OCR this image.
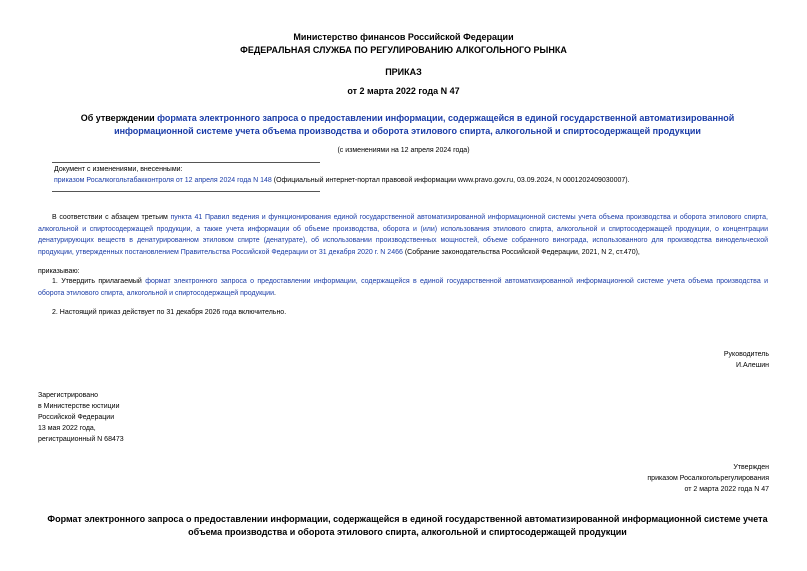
Министерство финансов Российской Федерации
ФЕДЕРАЛЬНАЯ СЛУЖБА ПО РЕГУЛИРОВАНИЮ АЛКОГОЛЬНОГО РЫНКА
ПРИКАЗ
от 2 марта 2022 года N 47
Об утверждении формата электронного запроса о предоставлении информации, содержащейся в единой государственной автоматизированной информационной системе учета объема производства и оборота этилового спирта, алкогольной и спиртосодержащей продукции
(с изменениями на 12 апреля 2024 года)
Документ с изменениями, внесенными:
приказом Росалкогольтабакконтроля от 12 апреля 2024 года N 148 (Официальный интернет-портал правовой информации www.pravo.gov.ru, 03.09.2024, N 0001202409030007).
В соответствии с абзацем третьим пункта 41 Правил ведения и функционирования единой государственной автоматизированной информационной системы учета объема производства и оборота этилового спирта, алкогольной и спиртосодержащей продукции, а также учета информации об объеме производства, оборота и (или) использования этилового спирта, алкогольной и спиртосодержащей продукции, о концентрации денатурирующих веществ в денатурированном этиловом спирте (денатурате), об использовании производственных мощностей, объеме собранного винограда, использованного для производства винодельческой продукции, утвержденных постановлением Правительства Российской Федерации от 31 декабря 2020 г. N 2466 (Собрание законодательства Российской Федерации, 2021, N 2, ст.470),
приказываю:
1. Утвердить прилагаемый формат электронного запроса о предоставлении информации, содержащейся в единой государственной автоматизированной информационной системе учета объема производства и оборота этилового спирта, алкогольной и спиртосодержащей продукции.
2. Настоящий приказ действует по 31 декабря 2026 года включительно.
Руководитель
И.Алешин
Зарегистрировано
в Министерстве юстиции
Российской Федерации
13 мая 2022 года,
регистрационный N 68473
Утвержден
приказом Росалкогольрегулирования
от 2 марта 2022 года N 47
Формат электронного запроса о предоставлении информации, содержащейся в единой государственной автоматизированной информационной системе учета объема производства и оборота этилового спирта, алкогольной и спиртосодержащей продукции
